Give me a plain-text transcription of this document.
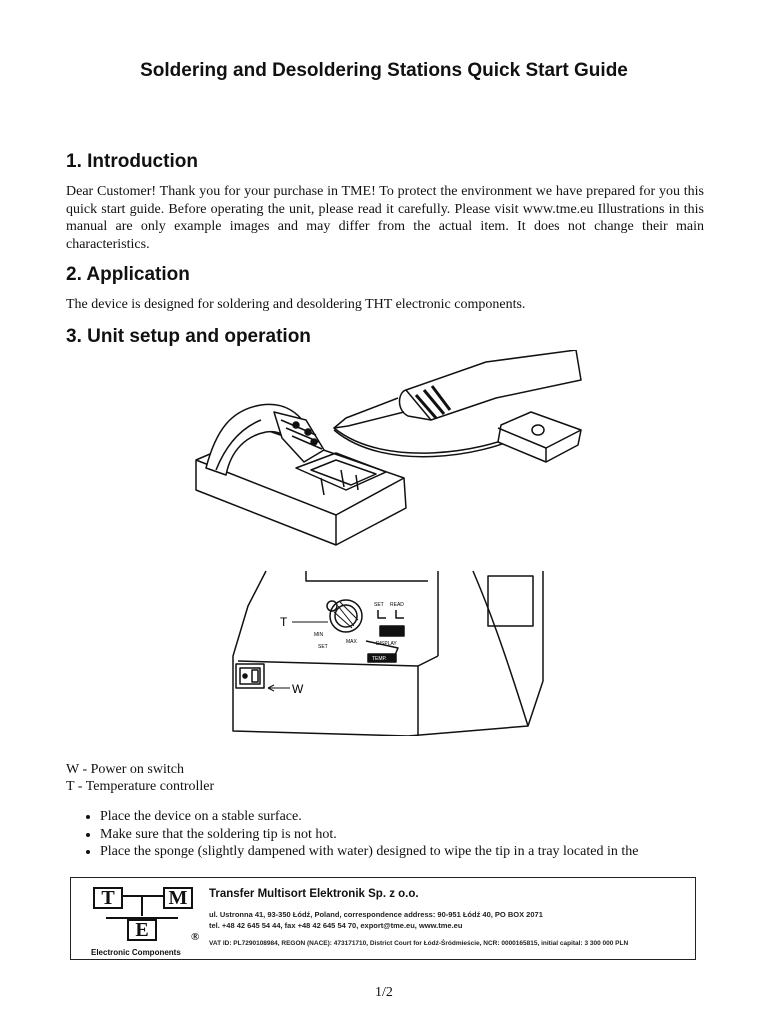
Soldering and Desoldering Stations Quick Start Guide
1. Introduction
Dear Customer! Thank you for your purchase in TME! To protect the environment we have prepared for you this quick start guide. Before operating the unit, please read it carefully. Please visit www.tme.eu Illustrations in this manual are only example images and may differ from the actual item. It does not change their main characteristics.
2. Application
The device is designed for soldering and desoldering THT electronic components.
3. Unit setup and operation
T
W
MIN
MAX
SET READ
DISPLAY
SET
TEMP.
W - Power on switch
T - Temperature controller
• Place the device on a stable surface.
• Make sure that the soldering tip is not hot.
• Place the sponge (slightly dampened with water) designed to wipe the tip in a tray located in the
T	M
E	®
Electronic Components
Transfer Multisort Elektronik Sp. z o.o.
ul. Ustronna 41, 93-350 Łódź, Poland, correspondence address: 90-951 Łódź 40, PO BOX 2071
tel. +48 42 645 54 44, fax +48 42 645 54 70, export@tme.eu, www.tme.eu
VAT ID: PL7290108984, REGON (NACE): 473171710, District Court for Łódź-Śródmieście, NCR: 0000165815, initial capital: 3 300 000 PLN
1/2
